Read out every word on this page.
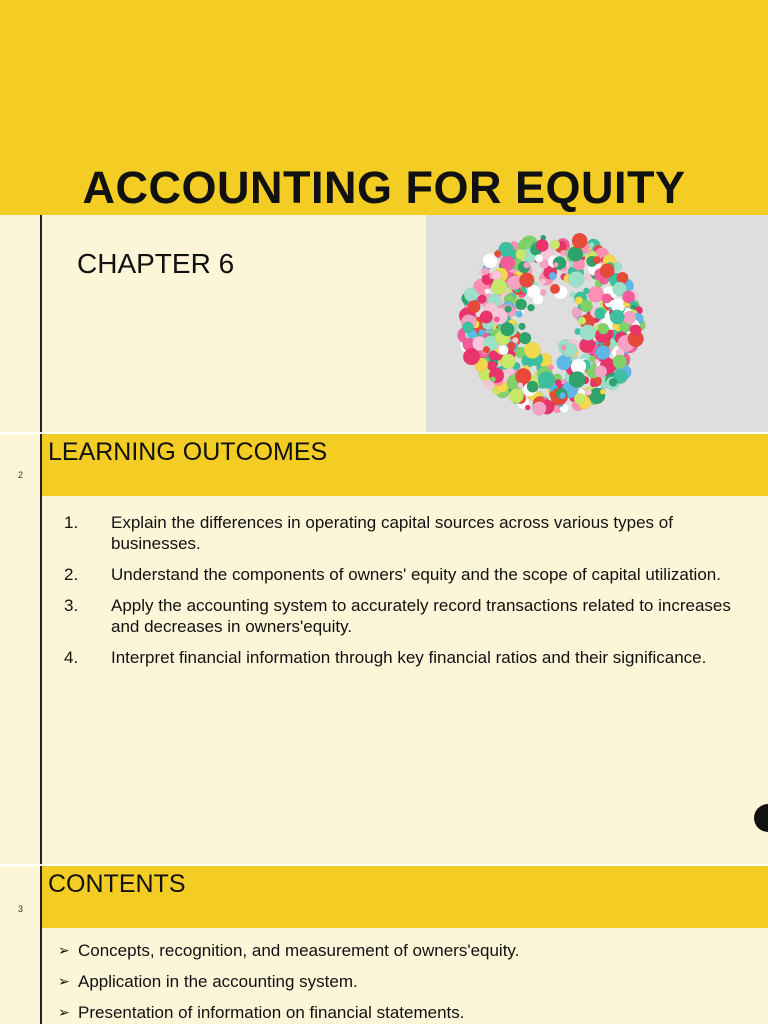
ACCOUNTING FOR EQUITY
CHAPTER 6
LEARNING OUTCOMES
2
1.	Explain the differences in operating capital sources across various types of businesses.
2.	Understand the components of owners' equity and the scope of capital utilization.
3.	Apply the accounting system to accurately record transactions related to increases and decreases in owners'equity.
4.	Interpret financial information through key financial ratios and their significance.
CONTENTS
3
➢ Concepts, recognition, and measurement of owners'equity.
➢ Application in the accounting system.
➢ Presentation of information on financial statements.
